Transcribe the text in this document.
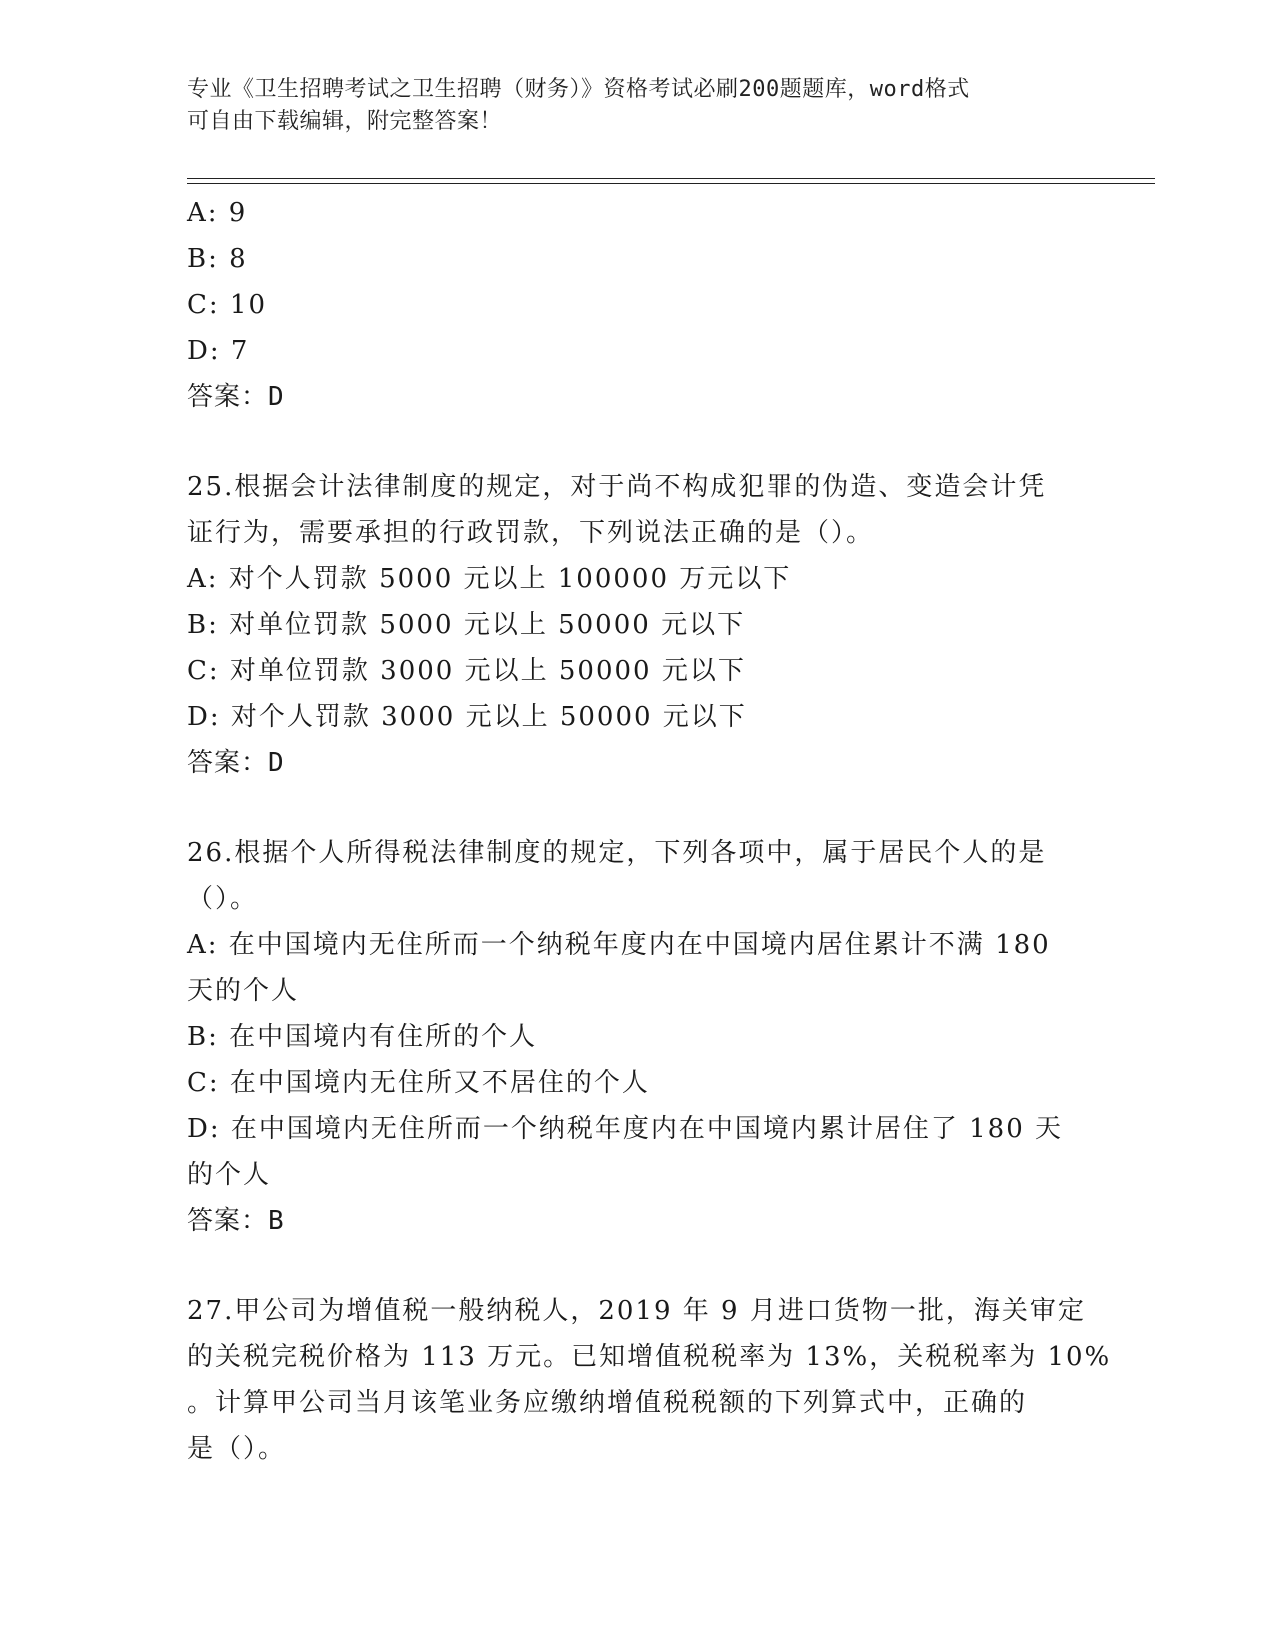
专业《卫生招聘考试之卫生招聘（财务）》资格考试必刷200题题库，word格式
可自由下载编辑，附完整答案！
A: 9
B: 8
C: 10
D: 7
答案：D
25.根据会计法律制度的规定，对于尚不构成犯罪的伪造、变造会计凭
证行为，需要承担的行政罚款，下列说法正确的是（）。
A: 对个人罚款 5000 元以上 100000 万元以下
B: 对单位罚款 5000 元以上 50000 元以下
C: 对单位罚款 3000 元以上 50000 元以下
D: 对个人罚款 3000 元以上 50000 元以下
答案：D
26.根据个人所得税法律制度的规定，下列各项中，属于居民个人的是
（）。
A: 在中国境内无住所而一个纳税年度内在中国境内居住累计不满 180
天的个人
B: 在中国境内有住所的个人
C: 在中国境内无住所又不居住的个人
D: 在中国境内无住所而一个纳税年度内在中国境内累计居住了 180 天
的个人
答案：B
27.甲公司为增值税一般纳税人，2019 年 9 月进口货物一批，海关审定
的关税完税价格为 113 万元。已知增值税税率为 13%，关税税率为 10%
。计算甲公司当月该笔业务应缴纳增值税税额的下列算式中，正确的
是（）。
